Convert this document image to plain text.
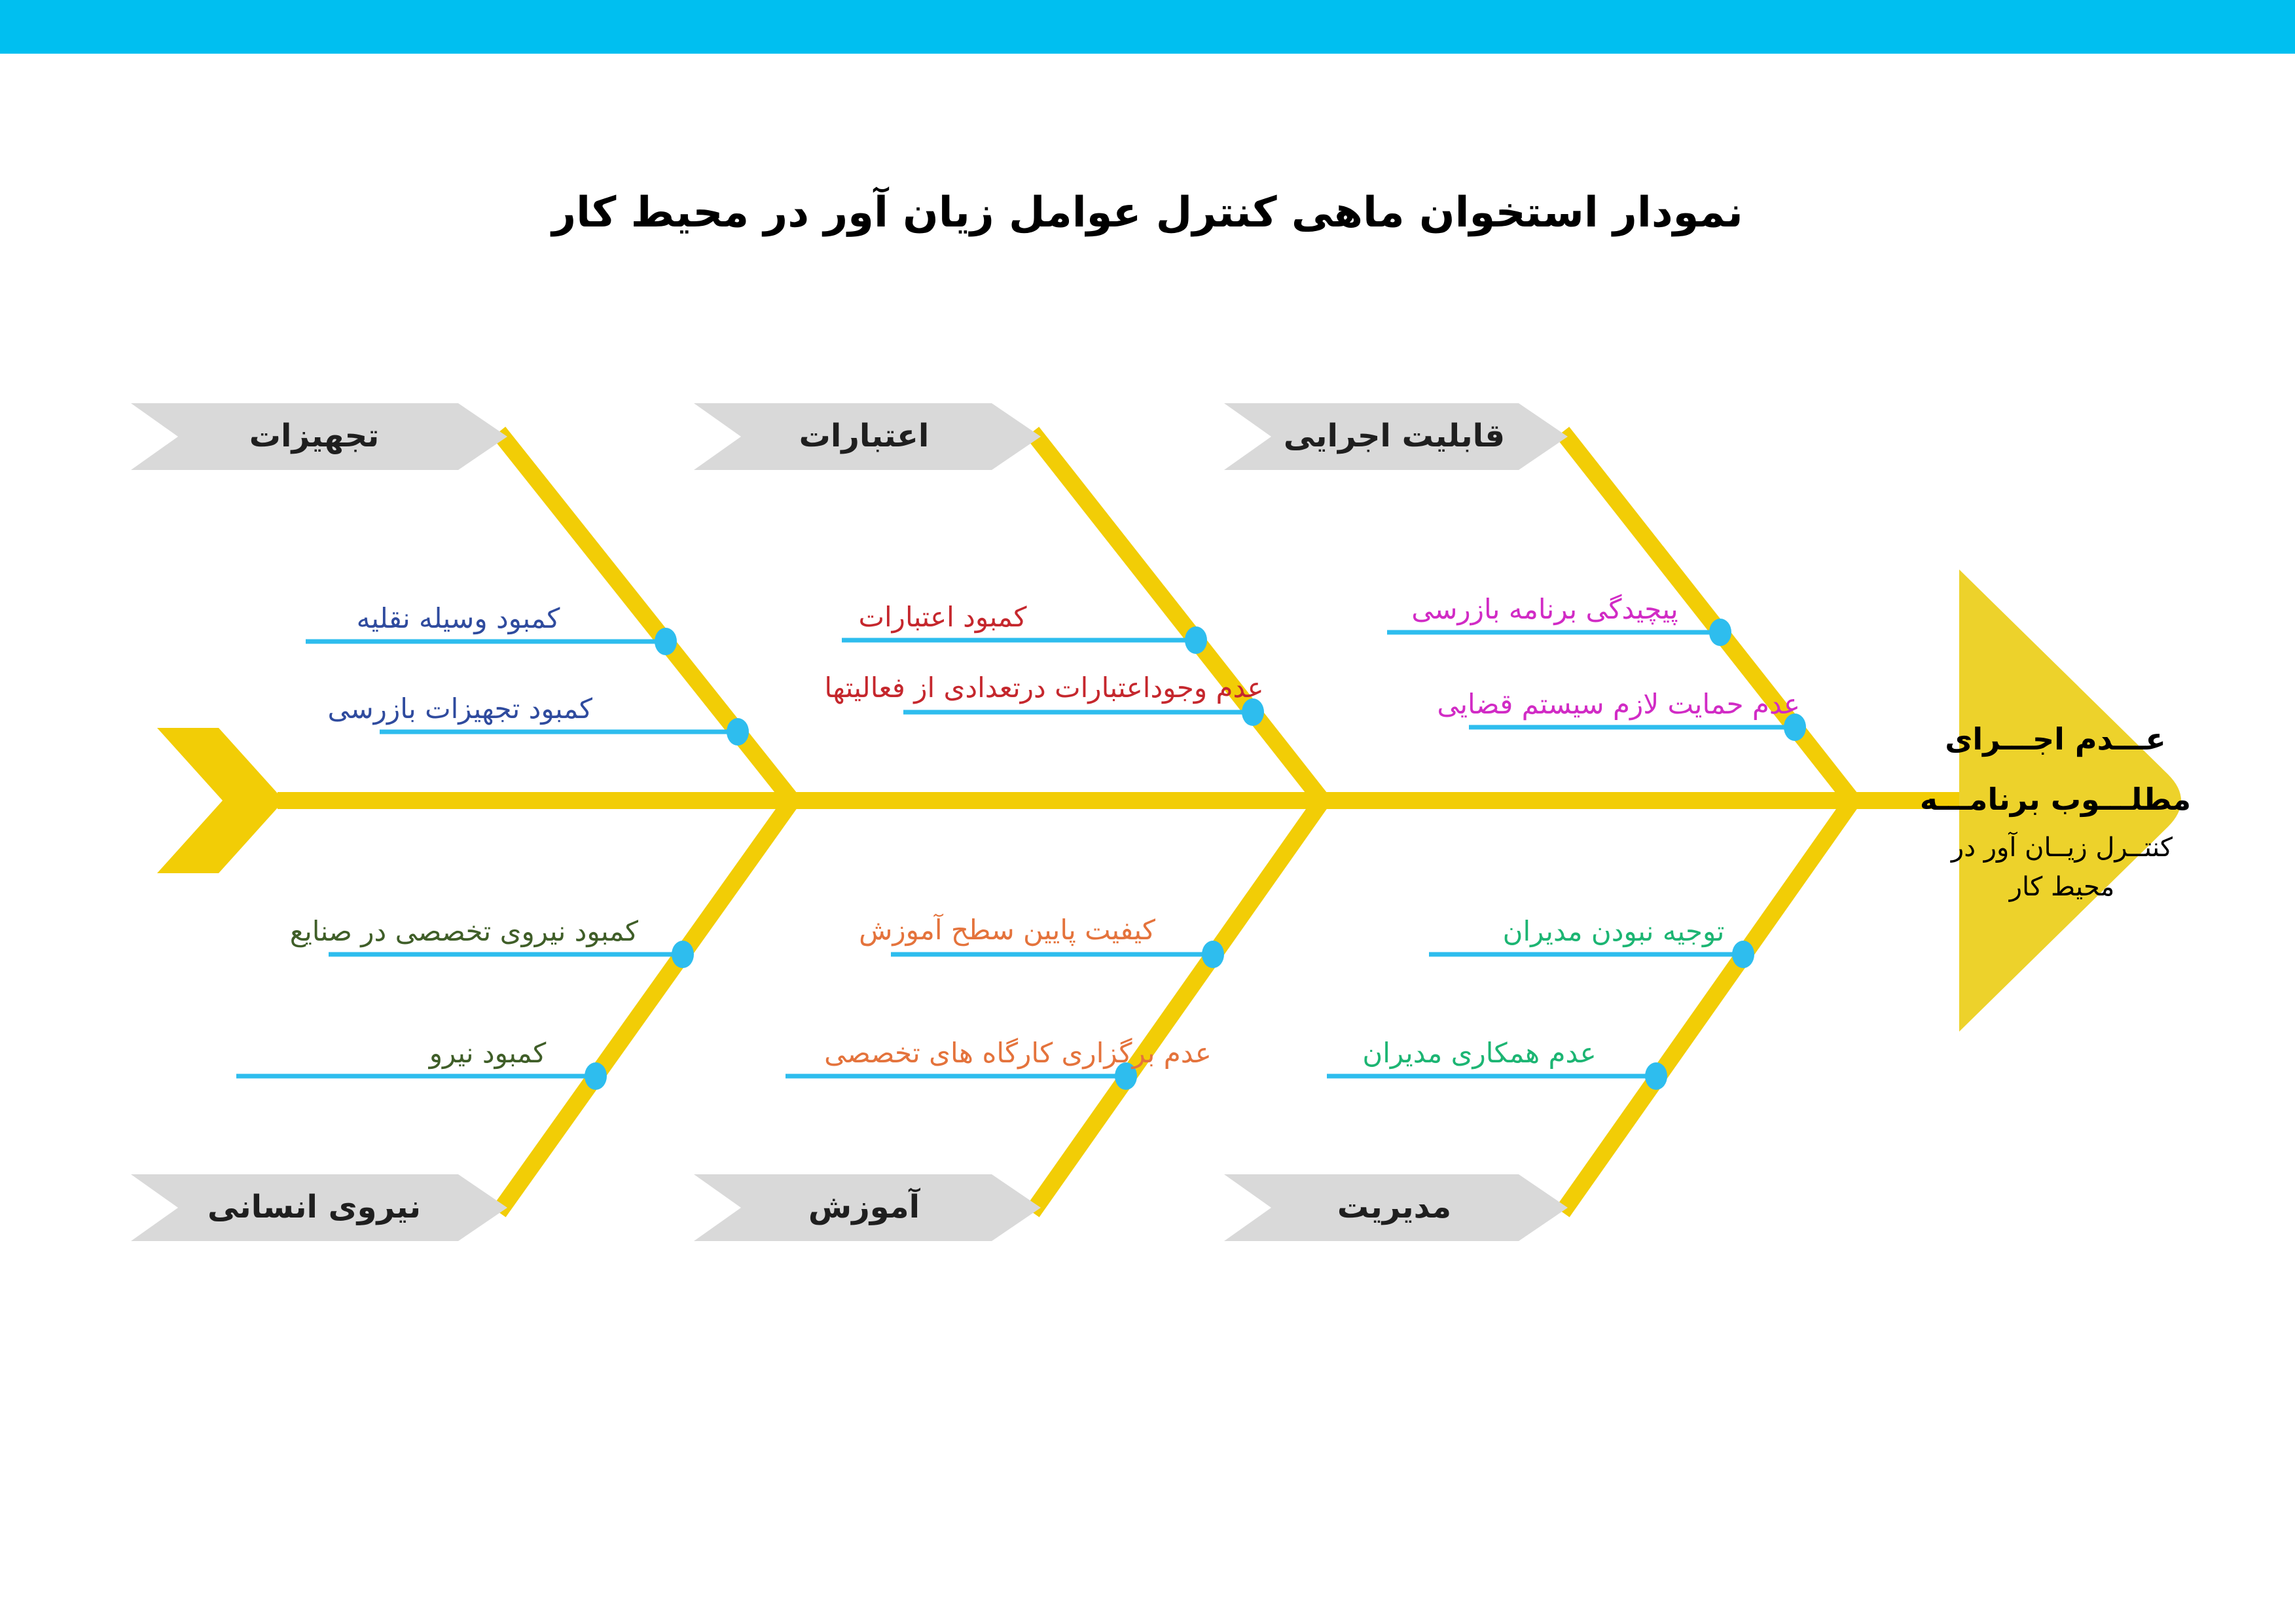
نمودار استخوان ماهی کنترل عوامل زیان آور در محیط کار
تجهیزات	اعتبارات	قابلیت اجرایی
نیروی انسانی	آموزش	مدیریت
کمبود وسیله نقلیه
کمبود تجهیزات بازرسی
کمبود اعتبارات
عدم وجوداعتبارات درتعدادی از فعالیتها
پیچیدگی برنامه بازرسی
عدم حمایت لازم سیستم قضایی
کمبود نیروی تخصصی در صنایع
کمبود نیرو
کیفیت پایین سطح آموزش
عدم برگزاری کارگاه های تخصصی
توجیه نبودن مدیران
عدم همکاری مدیران
عـــدم اجـــرای
مطلـــوب برنامـــه
کنتــرل زیــان آور در
محیط کار
